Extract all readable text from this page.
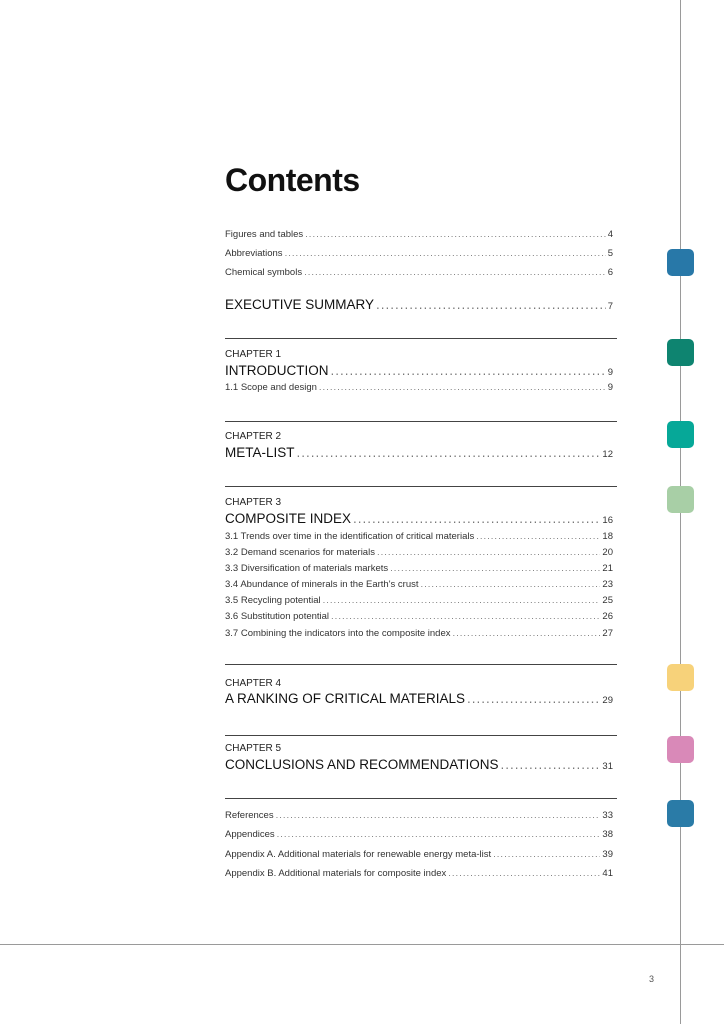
Contents
Figures and tables .....	4
Abbreviations .....	5
Chemical symbols .....	6
EXECUTIVE SUMMARY .....	7
CHAPTER 1
INTRODUCTION .....	9
1.1 Scope and design .....	9
CHAPTER 2
META-LIST .....	12
CHAPTER 3
COMPOSITE INDEX .....	16
3.1 Trends over time in the identification of critical materials .....	18
3.2 Demand scenarios for materials .....	20
3.3 Diversification of materials markets .....	21
3.4 Abundance of minerals in the Earth's crust .....	23
3.5 Recycling potential .....	25
3.6 Substitution potential .....	26
3.7 Combining the indicators into the composite index .....	27
CHAPTER 4
A RANKING OF CRITICAL MATERIALS .....	29
CHAPTER 5
CONCLUSIONS AND RECOMMENDATIONS .....	31
References .....	33
Appendices .....	38
Appendix A. Additional materials for renewable energy meta-list .....	39
Appendix B. Additional materials for composite index .....	41
3
